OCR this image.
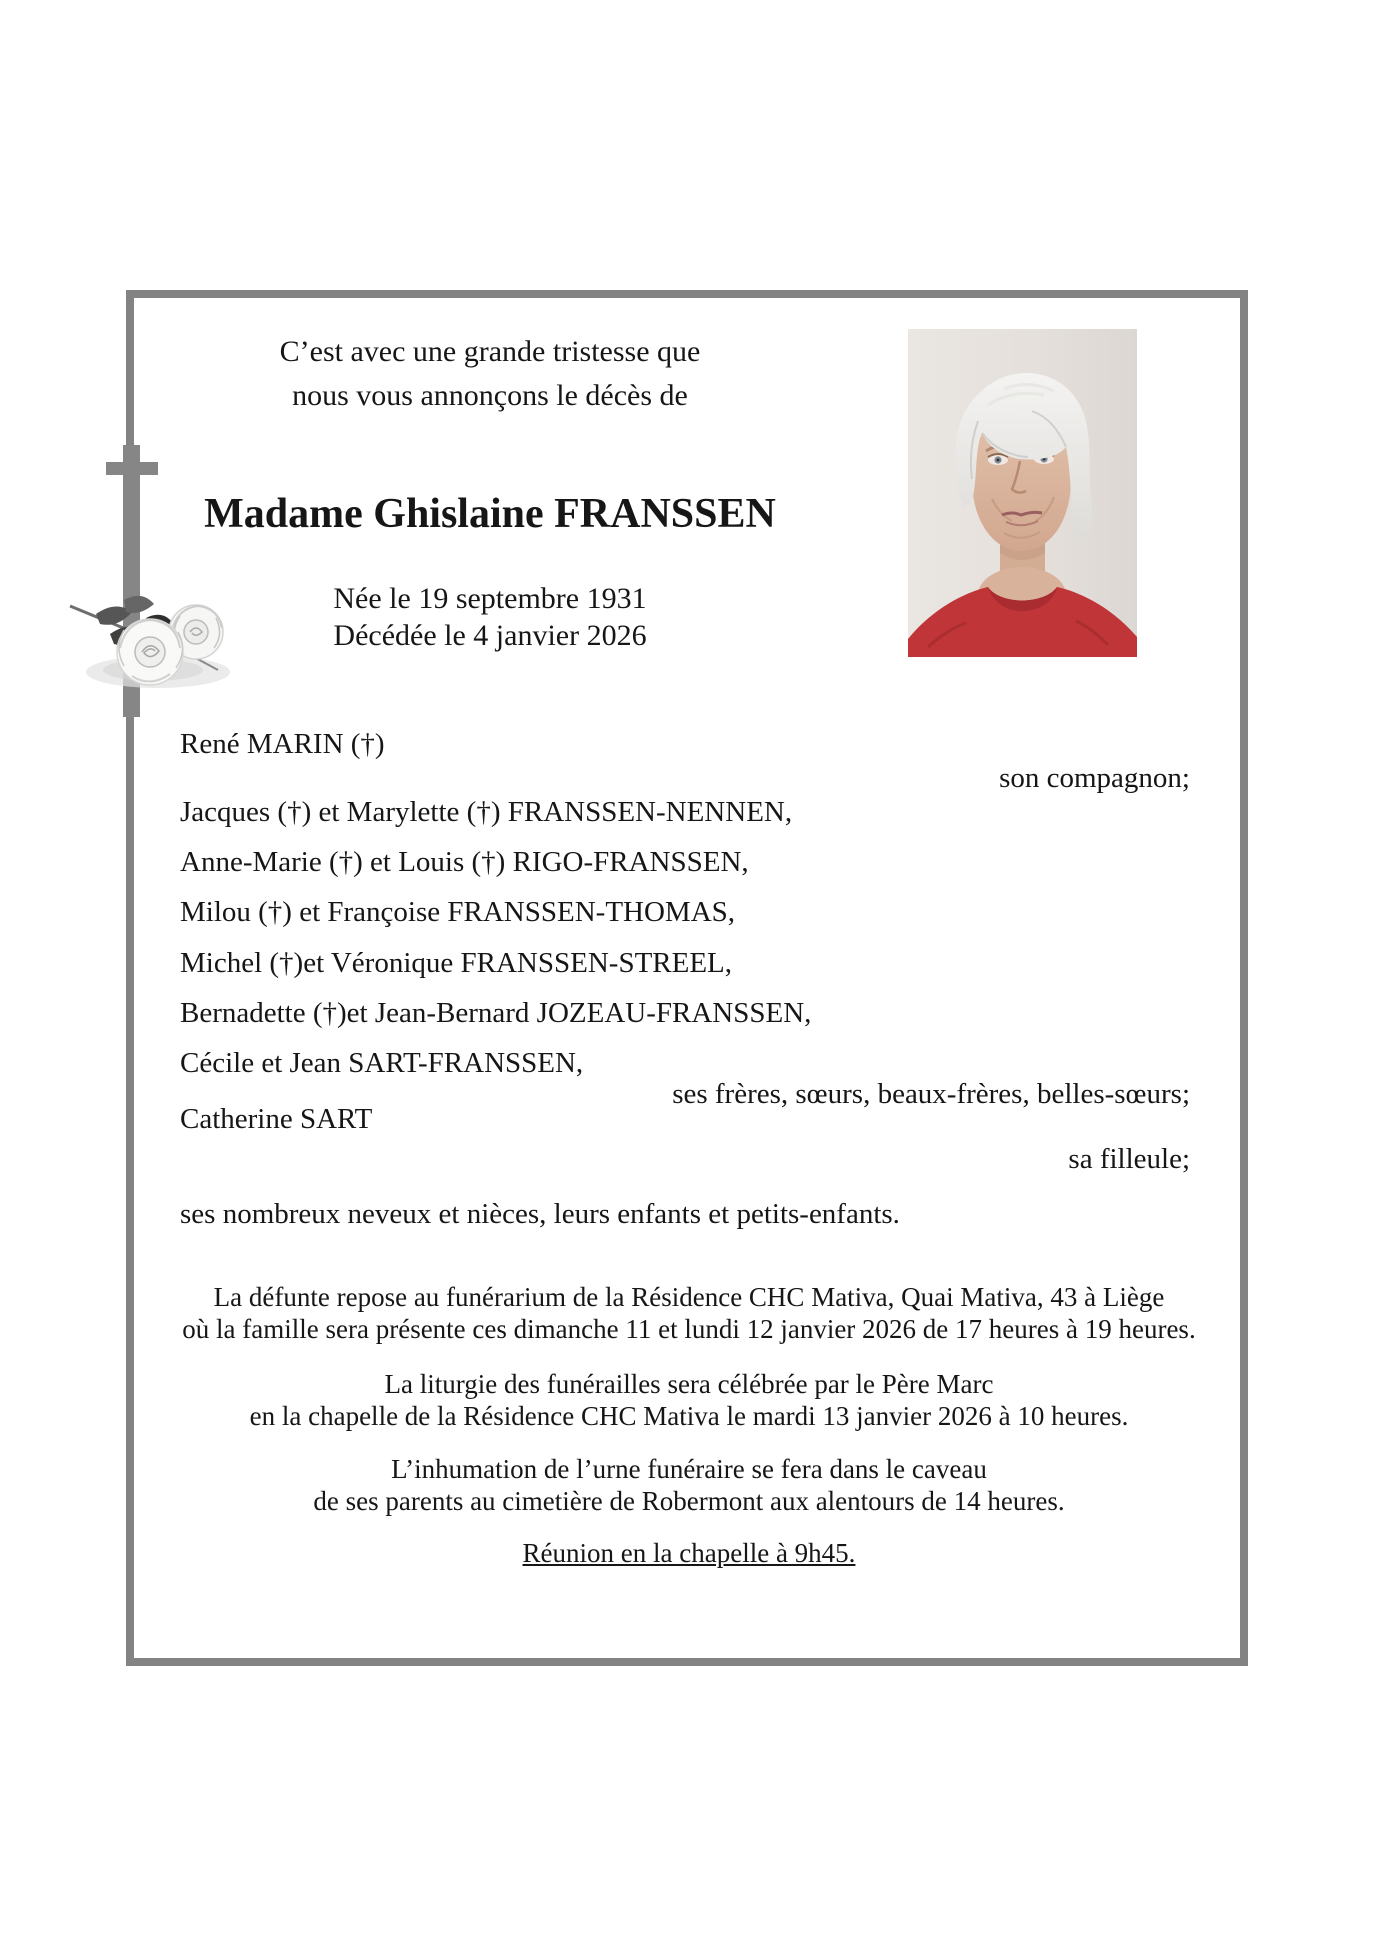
C’est avec une grande tristesse que
nous vous annonçons le décès de
Madame Ghislaine FRANSSEN
Née le 19 septembre 1931
Décédée le 4 janvier 2026
René MARIN (†)
son compagnon;
Jacques (†) et Marylette (†) FRANSSEN-NENNEN,
Anne-Marie (†) et Louis (†) RIGO-FRANSSEN,
Milou (†) et Françoise FRANSSEN-THOMAS,
Michel (†)et Véronique FRANSSEN-STREEL,
Bernadette (†)et Jean-Bernard JOZEAU-FRANSSEN,
Cécile et Jean SART-FRANSSEN,
ses frères, sœurs, beaux-frères, belles-sœurs;
Catherine SART
sa filleule;
ses nombreux neveux et nièces, leurs enfants et petits-enfants.
La défunte repose au funérarium de la Résidence CHC Mativa, Quai Mativa, 43 à Liège
où la famille sera présente ces dimanche 11 et lundi 12 janvier 2026 de 17 heures à 19 heures.
La liturgie des funérailles sera célébrée par le Père Marc
en la chapelle de la Résidence CHC Mativa le mardi 13 janvier 2026 à 10 heures.
L’inhumation de l’urne funéraire se fera dans le caveau
de ses parents au cimetière de Robermont aux alentours de 14 heures.
Réunion en la chapelle à 9h45.
